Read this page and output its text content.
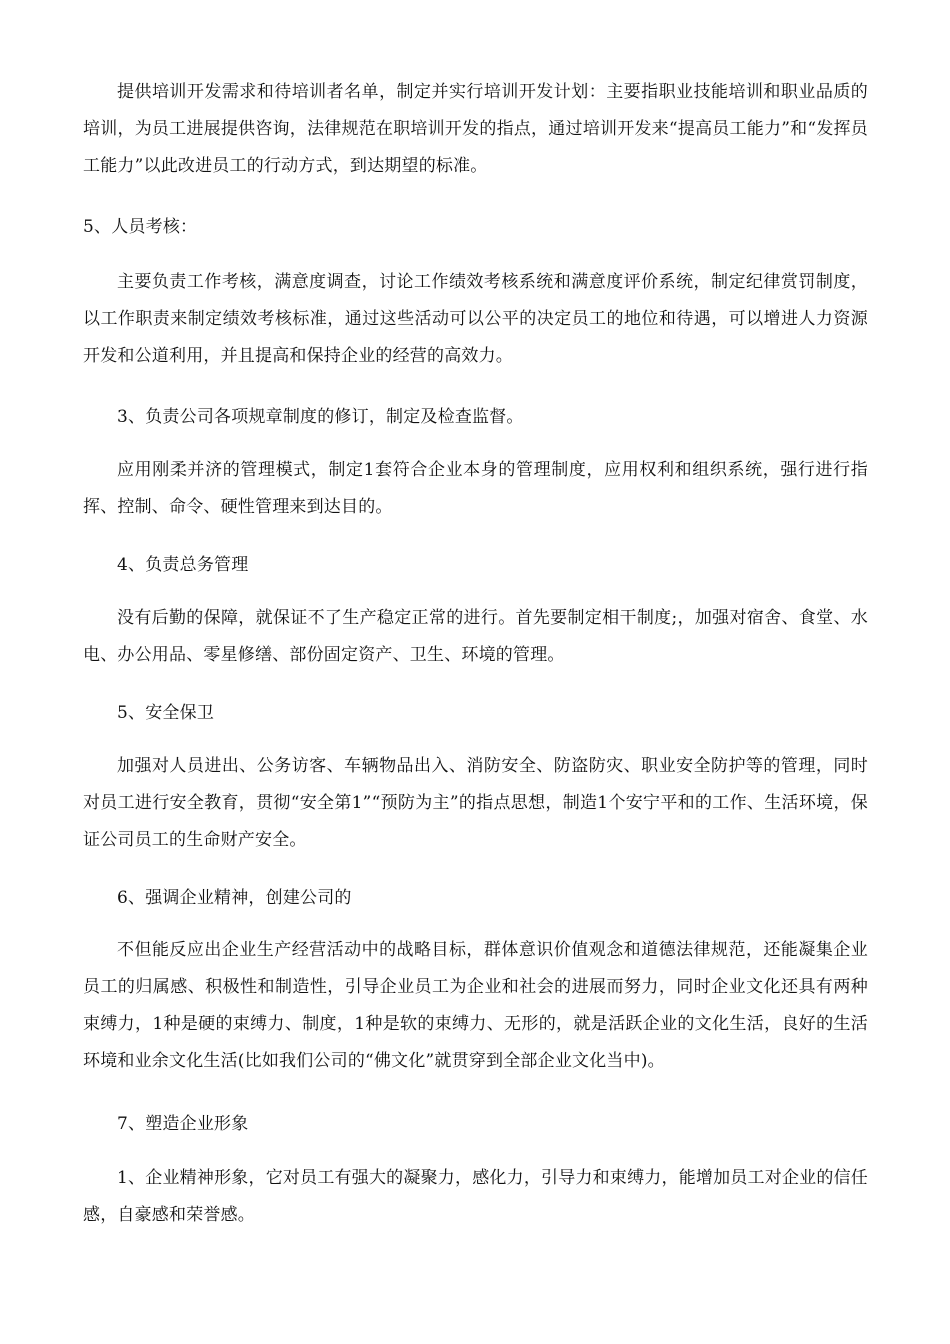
提供培训开发需求和待培训者名单，制定并实行培训开发计划：主要指职业技能培训和职业品质的培训，为员工进展提供咨询，法律规范在职培训开发的指点，通过培训开发来“提高员工能力”和“发挥员工能力”以此改进员工的行动方式，到达期望的标准。

5、人员考核：

主要负责工作考核，满意度调查，讨论工作绩效考核系统和满意度评价系统，制定纪律赏罚制度，以工作职责来制定绩效考核标准，通过这些活动可以公平的决定员工的地位和待遇，可以增进人力资源开发和公道利用，并且提高和保持企业的经营的高效力。

3、负责公司各项规章制度的修订，制定及检查监督。

应用刚柔并济的管理模式，制定1套符合企业本身的管理制度，应用权利和组织系统，强行进行指挥、控制、命令、硬性管理来到达目的。

4、负责总务管理

没有后勤的保障，就保证不了生产稳定正常的进行。首先要制定相干制度;，加强对宿舍、食堂、水电、办公用品、零星修缮、部份固定资产、卫生、环境的管理。

5、安全保卫

加强对人员进出、公务访客、车辆物品出入、消防安全、防盗防灾、职业安全防护等的管理，同时对员工进行安全教育，贯彻“安全第1”“预防为主”的指点思想，制造1个安宁平和的工作、生活环境，保证公司员工的生命财产安全。

6、强调企业精神，创建公司的

不但能反应出企业生产经营活动中的战略目标，群体意识价值观念和道德法律规范，还能凝集企业员工的归属感、积极性和制造性，引导企业员工为企业和社会的进展而努力，同时企业文化还具有两种束缚力，1种是硬的束缚力、制度，1种是软的束缚力、无形的，就是活跃企业的文化生活，良好的生活环境和业余文化生活(比如我们公司的“佛文化”就贯穿到全部企业文化当中)。

7、塑造企业形象

1、企业精神形象，它对员工有强大的凝聚力，感化力，引导力和束缚力，能增加员工对企业的信任感，自豪感和荣誉感。
